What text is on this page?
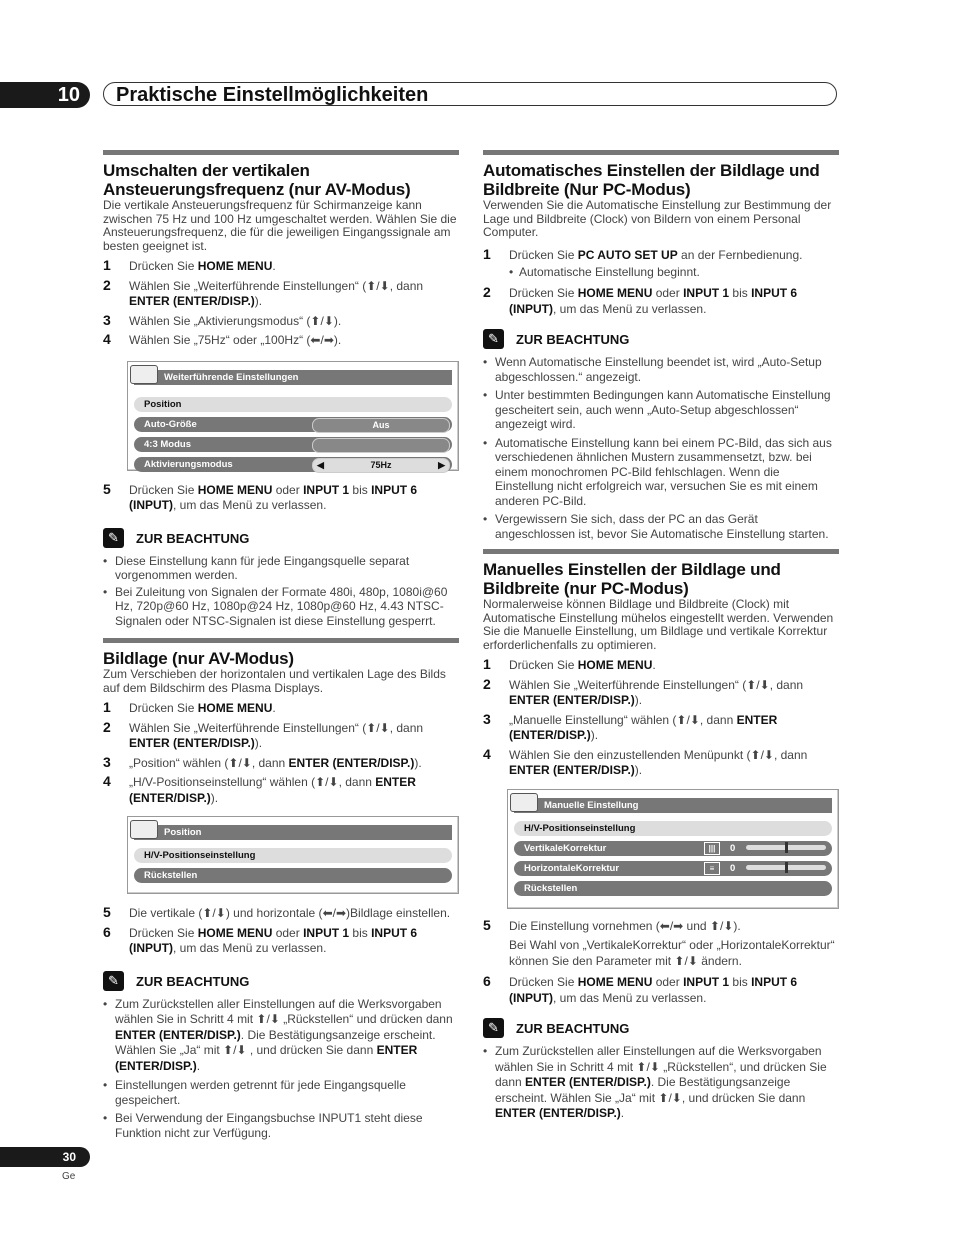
10	Praktische Einstellmöglichkeiten
Umschalten der vertikalen Ansteuerungsfrequenz (nur AV-Modus)

Die vertikale Ansteuerungsfrequenz für Schirmanzeige kann zwischen 75 Hz und 100 Hz umgeschaltet werden. Wählen Sie die Ansteuerungsfrequenz, die für die jeweiligen Eingangssignale am besten geeignet ist.

1 Drücken Sie HOME MENU.
2 Wählen Sie „Weiterführende Einstellungen“ (⬆/⬇, dann ENTER (ENTER/DISP.)).
3 Wählen Sie „Aktivierungsmodus“ (⬆/⬇).
4 Wählen Sie „75Hz“ oder „100Hz“ (⬅/➡).
Weiterführende Einstellungen
Position
Auto-Größe	Aus
4:3 Modus
Aktivierungsmodus	◀	75Hz	▶
5 Drücken Sie HOME MENU oder INPUT 1 bis INPUT 6 (INPUT), um das Menü zu verlassen.
✎	ZUR BEACHTUNG
• Diese Einstellung kann für jede Eingangsquelle separat vorgenommen werden.
• Bei Zuleitung von Signalen der Formate 480i, 480p, 1080i@60 Hz, 720p@60 Hz, 1080p@24 Hz, 1080p@60 Hz, 4.43 NTSC-Signalen oder NTSC-Signalen ist diese Einstellung gesperrt.
Bildlage (nur AV-Modus)

Zum Verschieben der horizontalen und vertikalen Lage des Bilds auf dem Bildschirm des Plasma Displays.

1 Drücken Sie HOME MENU.
2 Wählen Sie „Weiterführende Einstellungen“ (⬆/⬇, dann ENTER (ENTER/DISP.)).
3 „Position“ wählen (⬆/⬇, dann ENTER (ENTER/DISP.)).
4 „H/V-Positionseinstellung“ wählen (⬆/⬇, dann ENTER (ENTER/DISP.)).
Position
H/V-Positionseinstellung
Rückstellen
5 Die vertikale (⬆/⬇) und horizontale (⬅/➡)Bildlage einstellen.
6 Drücken Sie HOME MENU oder INPUT 1 bis INPUT 6 (INPUT), um das Menü zu verlassen.
✎	ZUR BEACHTUNG
• Zum Zurückstellen aller Einstellungen auf die Werksvorgaben wählen Sie in Schritt 4 mit ⬆/⬇ „Rückstellen“ und drücken dann ENTER (ENTER/DISP.). Die Bestätigungsanzeige erscheint. Wählen Sie „Ja“ mit ⬆/⬇ , und drücken Sie dann ENTER (ENTER/DISP.).
• Einstellungen werden getrennt für jede Eingangsquelle gespeichert.
• Bei Verwendung der Eingangsbuchse INPUT1 steht diese Funktion nicht zur Verfügung.
Automatisches Einstellen der Bildlage und Bildbreite (Nur PC-Modus)

Verwenden Sie die Automatische Einstellung zur Bestimmung der Lage und Bildbreite (Clock) von Bildern von einem Personal Computer.

1 Drücken Sie PC AUTO SET UP an der Fernbedienung.
• Automatische Einstellung beginnt.
2 Drücken Sie HOME MENU oder INPUT 1 bis INPUT 6 (INPUT), um das Menü zu verlassen.
✎	ZUR BEACHTUNG
• Wenn Automatische Einstellung beendet ist, wird „Auto-Setup abgeschlossen.“ angezeigt.
• Unter bestimmten Bedingungen kann Automatische Einstellung gescheitert sein, auch wenn „Auto-Setup abgeschlossen“ angezeigt wird.
• Automatische Einstellung kann bei einem PC-Bild, das sich aus verschiedenen ähnlichen Mustern zusammensetzt, bzw. bei einem monochromen PC-Bild fehlschlagen. Wenn die Einstellung nicht erfolgreich war, versuchen Sie es mit einem anderen PC-Bild.
• Vergewissern Sie sich, dass der PC an das Gerät angeschlossen ist, bevor Sie Automatische Einstellung starten.
Manuelles Einstellen der Bildlage und Bildbreite (nur PC-Modus)

Normalerweise können Bildlage und Bildbreite (Clock) mit Automatische Einstellung mühelos eingestellt werden. Verwenden Sie die Manuelle Einstellung, um Bildlage und vertikale Korrektur erforderlichenfalls zu optimieren.

1 Drücken Sie HOME MENU.
2 Wählen Sie „Weiterführende Einstellungen“ (⬆/⬇, dann ENTER (ENTER/DISP.)).
3 „Manuelle Einstellung“ wählen (⬆/⬇, dann ENTER (ENTER/DISP.)).
4 Wählen Sie den einzustellenden Menüpunkt (⬆/⬇, dann ENTER (ENTER/DISP.)).
Manuelle Einstellung
H/V-Positionseinstellung
VertikaleKorrektur	|||	0
HorizontaleKorrektur	≡	0
Rückstellen
5 Die Einstellung vornehmen (⬅/➡ und ⬆/⬇).
Bei Wahl von „VertikaleKorrektur“ oder „HorizontaleKorrektur“ können Sie den Parameter mit ⬆/⬇ ändern.
6 Drücken Sie HOME MENU oder INPUT 1 bis INPUT 6 (INPUT), um das Menü zu verlassen.
✎	ZUR BEACHTUNG
• Zum Zurückstellen aller Einstellungen auf die Werksvorgaben wählen Sie in Schritt 4 mit ⬆/⬇ „Rückstellen“, und drücken Sie dann ENTER (ENTER/DISP.). Die Bestätigungsanzeige erscheint. Wählen Sie „Ja“ mit ⬆/⬇, und drücken Sie dann ENTER (ENTER/DISP.).
30
Ge
